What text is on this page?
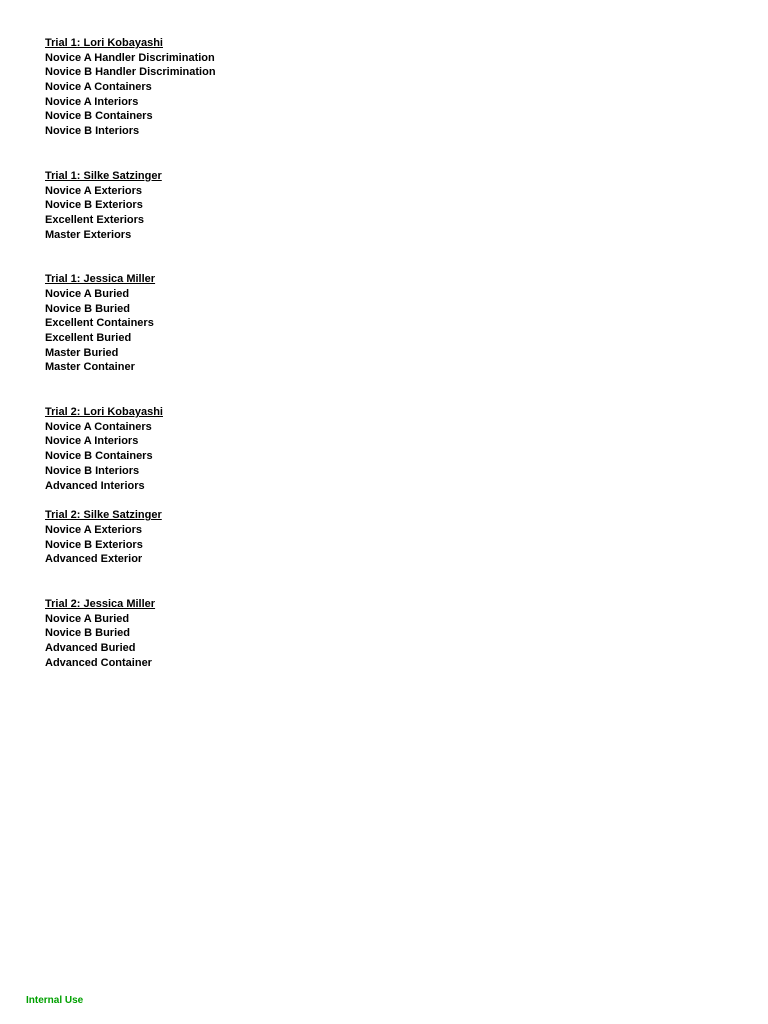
Trial 1: Lori Kobayashi
Novice A Handler Discrimination
Novice B Handler Discrimination
Novice A Containers
Novice A Interiors
Novice B Containers
Novice B Interiors
Trial 1: Silke Satzinger
Novice A Exteriors
Novice B Exteriors
Excellent Exteriors
Master Exteriors
Trial 1: Jessica Miller
Novice A Buried
Novice B Buried
Excellent Containers
Excellent Buried
Master Buried
Master Container
Trial 2: Lori Kobayashi
Novice A Containers
Novice A Interiors
Novice B Containers
Novice B Interiors
Advanced Interiors
Trial 2: Silke Satzinger
Novice A Exteriors
Novice B Exteriors
Advanced Exterior
Trial 2: Jessica Miller
Novice A Buried
Novice B Buried
Advanced Buried
Advanced Container
Internal Use
